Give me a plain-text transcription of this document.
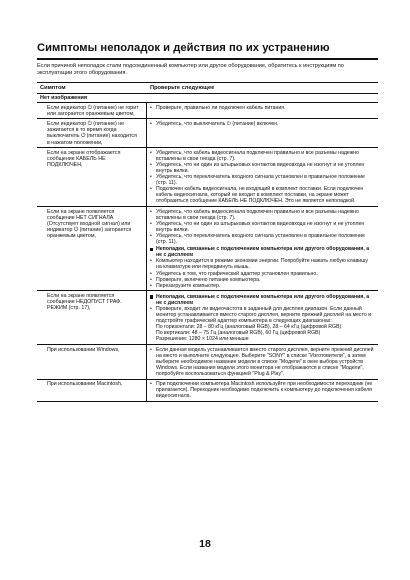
Симптомы неполадок и действия по их устранению
Если причиной неполадок стали подсоединенный компьютер или другое оборудование, обратитесь к инструкциям по эксплуатации этого оборудования.
Симптом	Проверьте следующее
Нет изображения
Если индикатор ⏻ (питание) не горит или загорается оранжевым цветом,
• Проверьте, правильно ли подключен кабель питания.
Если индикатор ⏻ (питание) не зажигается в то время когда выключатель ⏻ (питание) находится в нажатом положении,
• Убедитесь, что выключатель ⏻ (питание) включен.
Если на экране отображается сообщение КАБЕЛЬ НЕ ПОДКЛЮЧЕН,
• Убедитесь, что кабель видеосигнала подключен правильно и все разъемы надежно вставлены в свои гнезда (стр. 7).
• Убедитесь, что ни один из штырьковых контактов видеовхода не изогнут и не утоплен внутрь вилки.
• Убедитесь, что переключатель входного сигнала установлен в правильное положение (стр. 11).
• Подключен кабель видеосигнала, не входящий в комплект поставки. Если подключен кабель видеосигнала, который не входит в комплект поставки, на экране может отобразиться сообщение КАБЕЛЬ НЕ ПОДКЛЮЧЕН. Это не является неполадкой.
Если на экране появляется сообщение НЕТ СИГНАЛА (Отсутствует входной сигнал) или индикатор ⏻ (питание) загорается оранжевым цветом,
• Убедитесь, что кабель видеосигнала подключен правильно и все разъемы надежно вставлены в свои гнезда (стр. 7).
• Убедитесь, что ни один из штырьковых контактов видеовхода не изогнут и не утоплен внутрь вилки.
• Убедитесь, что переключатель входного сигнала установлен в правильное положение (стр. 11).
Неполадки, связанные с подключением компьютера или другого оборудования, а не с дисплеем
• Компьютер находится в режиме экономии энергии. Попробуйте нажать любую клавишу на клавиатуре или передвинуть мышь.
• Убедитесь в том, что графический адаптер установлен правильно.
• Проверьте, включено питание компьютера.
• Перезагрузите компьютер.
Если на экране появляется сообщение НЕДОПУСТ ГРАФ. РЕЖИМ (стр. 17),
Неполадки, связанные с подключением компьютера или другого оборудования, а не с дисплеем
• Проверьте, входит ли видеочастота в заданный для дисплея диапазон. Если данный монитор устанавливается вместо старого дисплея, верните прежний дисплей на место и подстройте графический адаптер компьютера в следующих диапазонах:
По горизонтали: 28 – 80 кГц (аналоговый RGB), 28 – 64 кГц (цифровой RGB)
По вертикали: 48 – 75 Гц (аналоговый RGB), 60 Гц (цифровой RGB)
Разрешение: 1280 × 1024 или меньше
При использовании Windows,	• Если данная модель устанавливается вместо старого дисплея, верните прежний дисплей на место и выполните следующее. Выберите "SONY" в списке "Изготовители", а затем выберите необходимое название модели в списке "Модели" в окне выбора устройств Windows. Если названия модели этого монитора не отображаются в списке "Модели", попробуйте воспользоваться функцией "Plug & Play".
При использовании Macintosh,	• При подключении компьютера Macintosh используйте при необходимости переходник (не прилагается). Переходник необходимо подключить к компьютеру до подключения кабеля видеосигнала.
18
